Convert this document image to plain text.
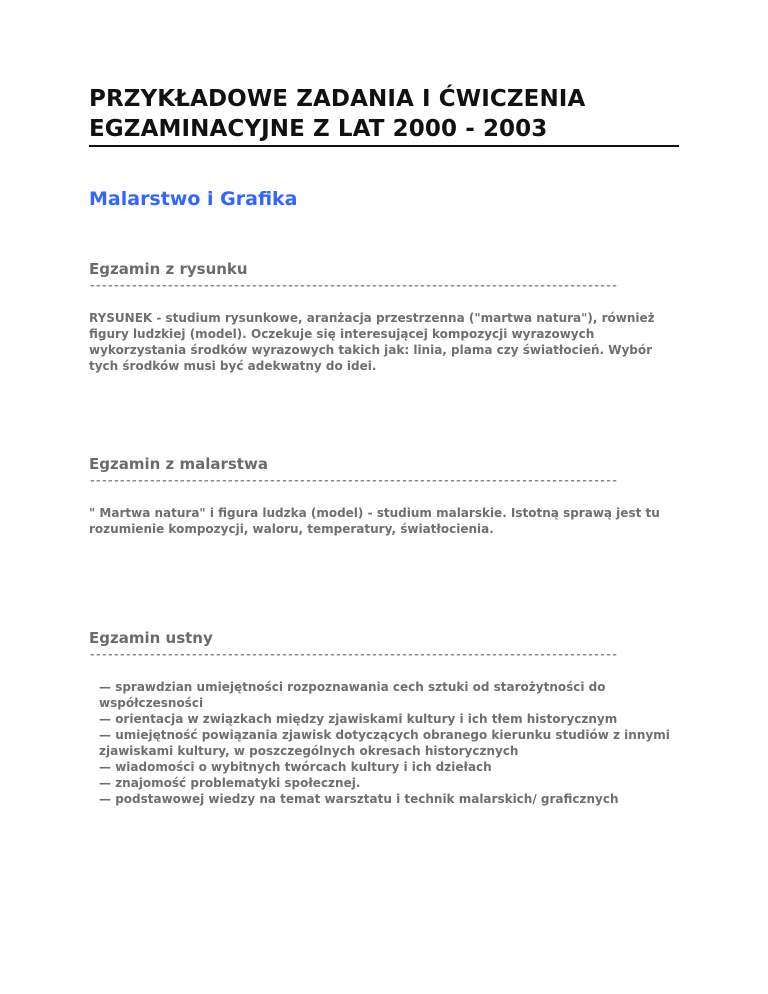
PRZYKŁADOWE ZADANIA I ĆWICZENIA EGZAMINACYJNE Z LAT 2000 - 2003
Malarstwo i Grafika
Egzamin z rysunku
----------------------------------------------------------------------------------------
RYSUNEK - studium rysunkowe, aranżacja przestrzenna ("martwa natura"), również figury ludzkiej (model). Oczekuje się interesującej kompozycji wyrazowych wykorzystania środków wyrazowych takich jak: linia, plama czy światłocień. Wybór tych środków musi być adekwatny do idei.
Egzamin z malarstwa
----------------------------------------------------------------------------------------
" Martwa natura" i figura ludzka (model) - studium malarskie. Istotną sprawą jest tu rozumienie kompozycji, waloru, temperatury, światłocienia.
Egzamin ustny
----------------------------------------------------------------------------------------
— sprawdzian umiejętności rozpoznawania cech sztuki od starożytności do współczesności
— orientacja w związkach między zjawiskami kultury i ich tłem historycznym
— umiejętność powiązania zjawisk dotyczących obranego kierunku studiów z innymi zjawiskami kultury, w poszczególnych okresach historycznych
— wiadomości o wybitnych twórcach kultury i ich dziełach
— znajomość problematyki społecznej.
— podstawowej wiedzy na temat warsztatu i technik malarskich/ graficznych
